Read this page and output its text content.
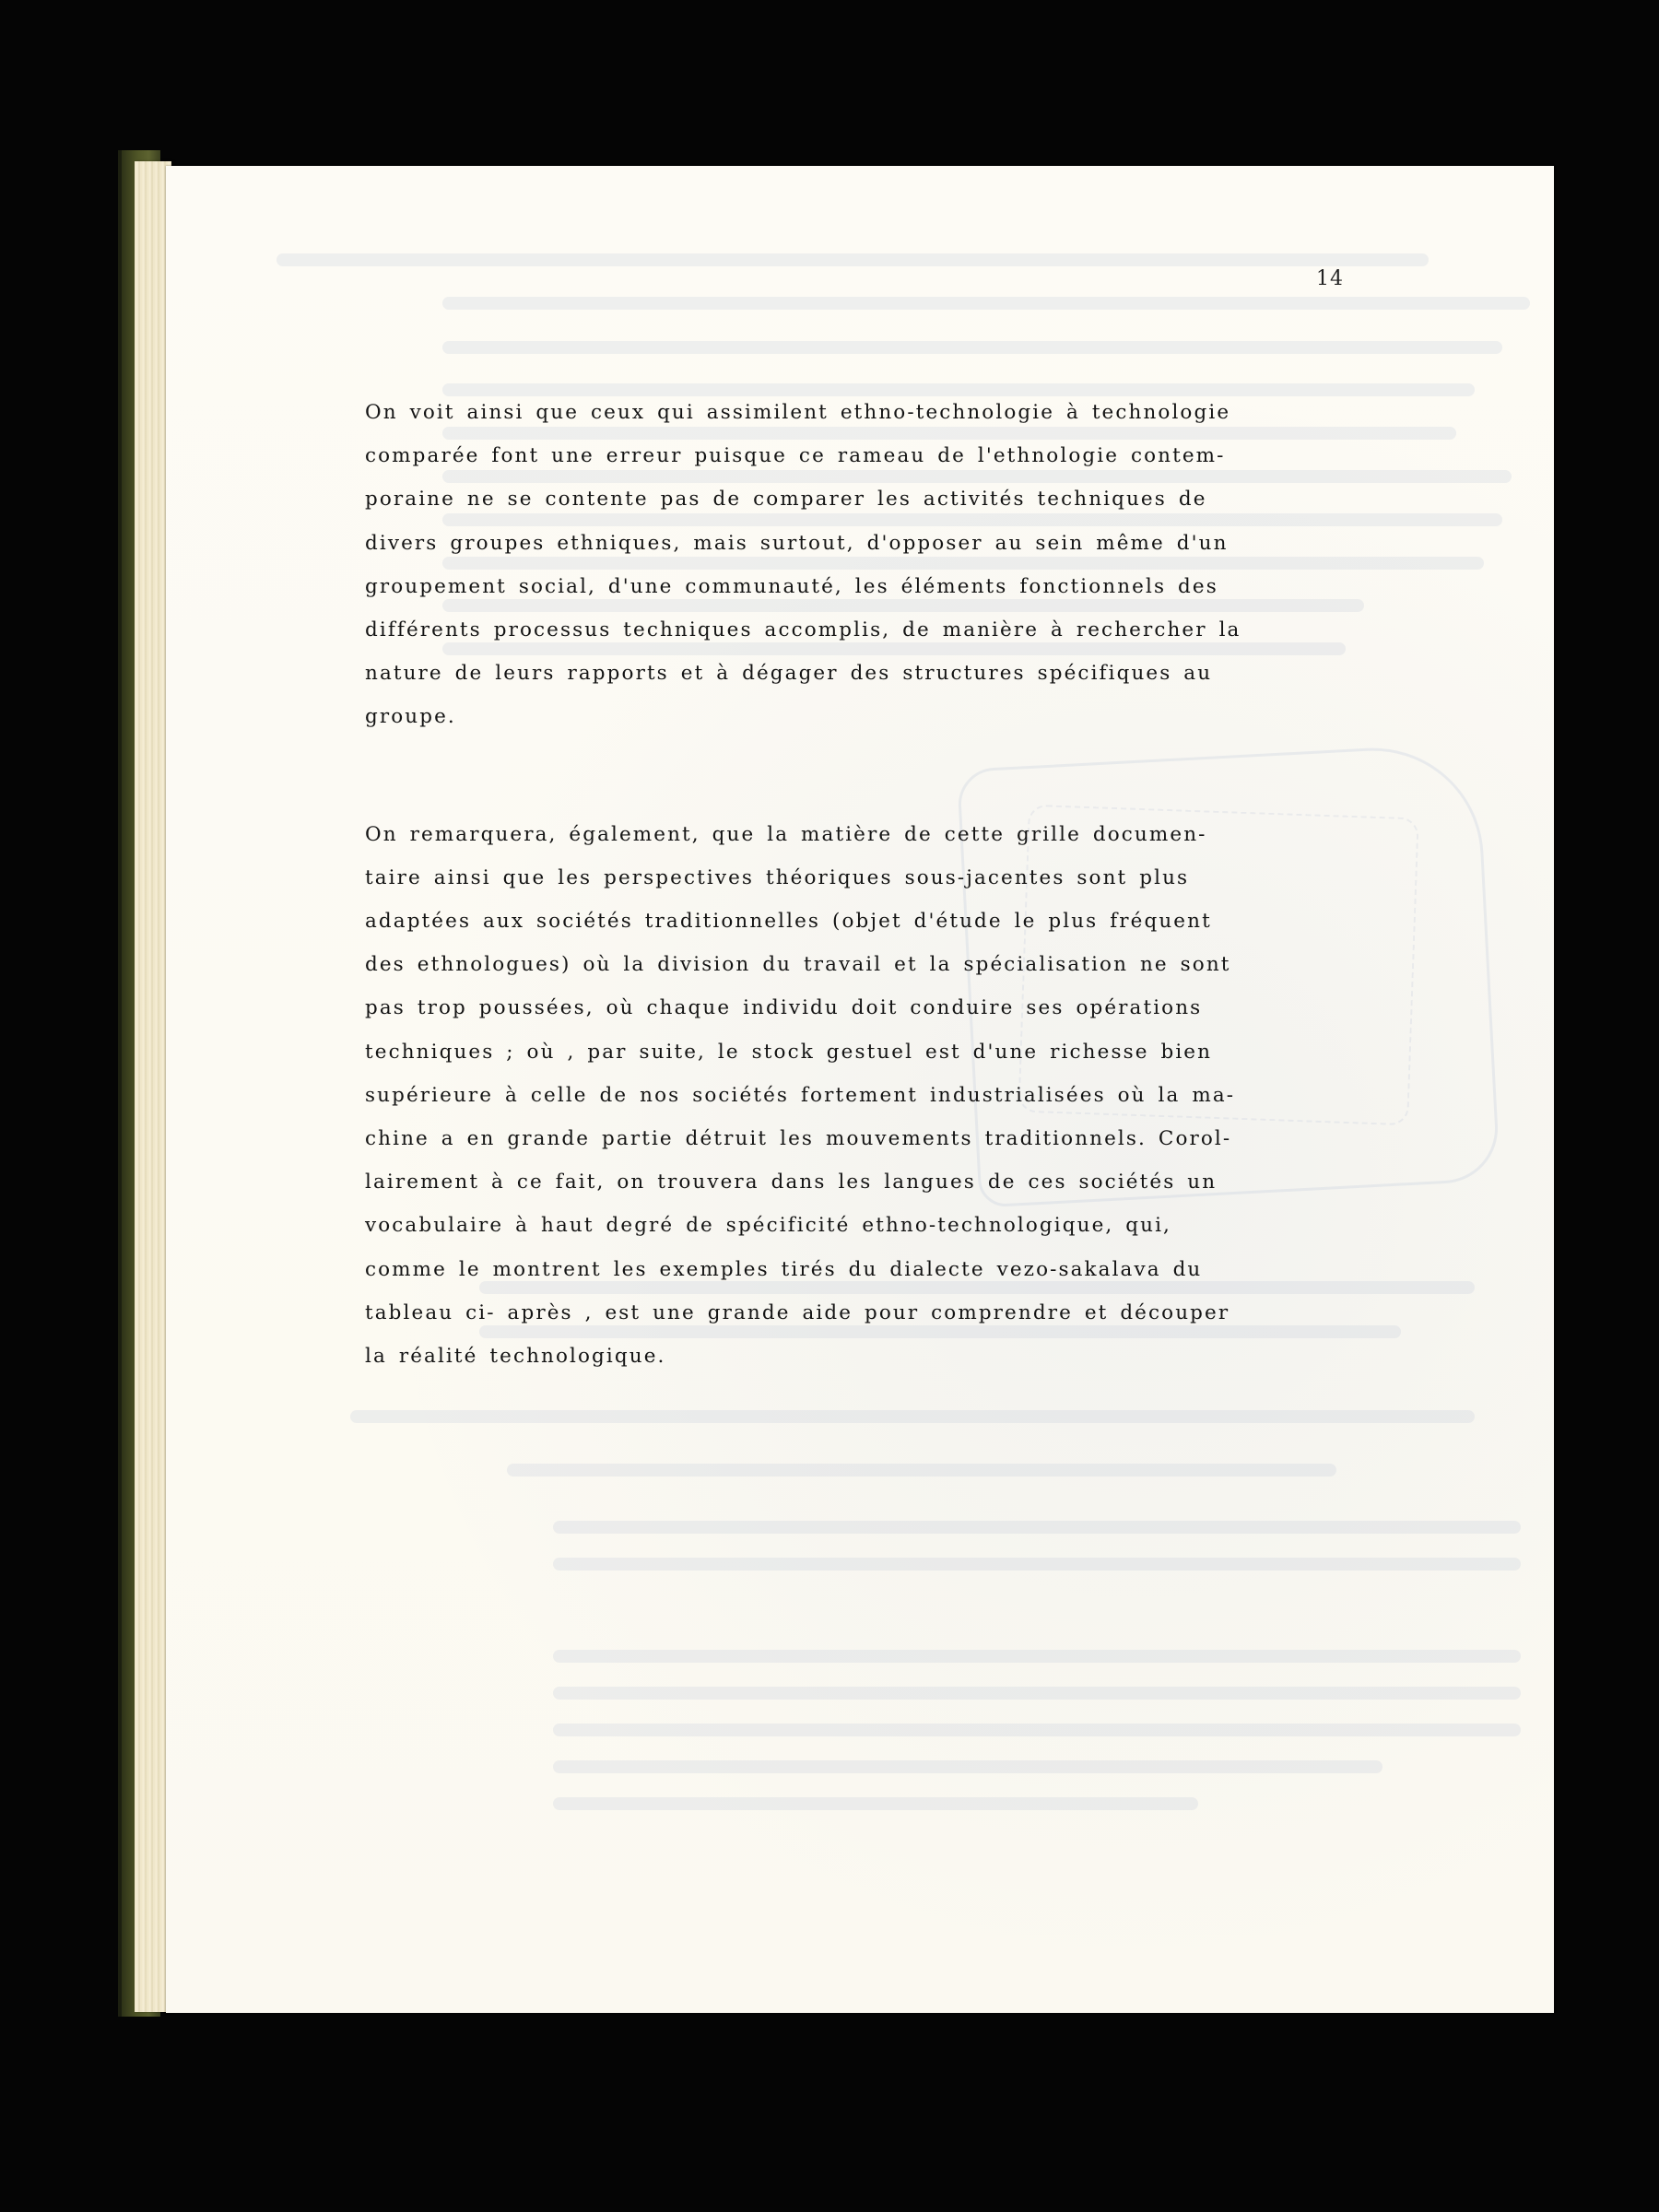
14

On voit ainsi que ceux qui assimilent ethno-technologie à technologie
comparée font une erreur puisque ce rameau de l'ethnologie contem-
poraine ne se contente pas de comparer les activités techniques de
divers groupes ethniques, mais surtout, d'opposer au sein même d'un
groupement social, d'une communauté, les éléments fonctionnels des
différents processus techniques accomplis, de manière à rechercher la
nature de leurs rapports et à dégager des structures spécifiques au
groupe.

On remarquera, également, que la matière de cette grille documen-
taire ainsi que les perspectives théoriques sous-jacentes sont plus
adaptées aux sociétés traditionnelles (objet d'étude le plus fréquent
des ethnologues) où la division du travail et la spécialisation ne sont
pas trop poussées, où chaque individu doit conduire ses opérations
techniques ; où , par suite, le stock gestuel est d'une richesse bien
supérieure à celle de nos sociétés fortement industrialisées où la ma-
chine a en grande partie détruit les mouvements traditionnels. Corol-
lairement à ce fait, on trouvera dans les langues de ces sociétés un
vocabulaire à haut degré de spécificité ethno-technologique, qui,
comme le montrent les exemples tirés du dialecte vezo-sakalava du
tableau ci- après , est une grande aide pour comprendre et découper
la réalité technologique.
